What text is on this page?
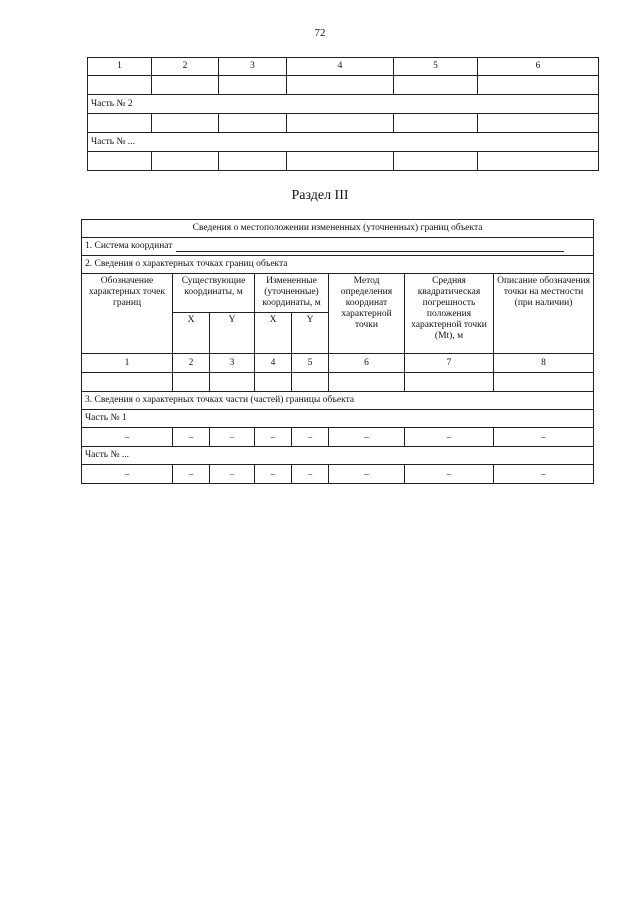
72
1	2	3	4	5	6

Часть № 2					

Часть № ...					

Раздел III
Сведения о местоположении измененных (уточненных) границ объекта							
1. Система координат							
2. Сведения о характерных точках границ объекта							
Обозначение характерных точек границ	Существующие координаты, м		Измененные (уточненные) координаты, м		Метод определения координат характерной точки	Средняя квадратическая погрешность положения характерной точки (Mt), м	Описание обозначения точки на местности (при наличии)
	X	Y	X	Y			
1	2	3	4	5	6	7	8

3. Сведения о характерных точках части (частей) границы объекта							
Часть № 1							
–	–	–	–	–	–	–	–
Часть № ...							
–	–	–	–	–	–	–	–
